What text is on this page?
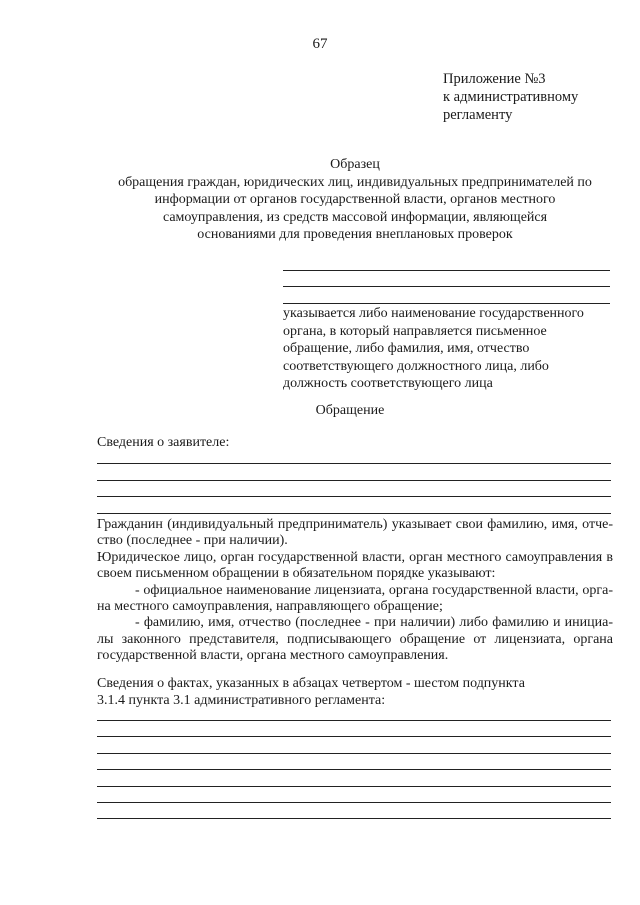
67
Приложение №3
к административному
регламенту
Образец
обращения граждан, юридических лиц, индивидуальных предпринимателей по
информации от органов государственной власти, органов местного
самоуправления, из средств массовой информации, являющейся
основаниями для проведения внеплановых проверок
указывается либо наименование государственного
органа, в который направляется письменное
обращение, либо фамилия, имя, отчество
соответствующего должностного лица, либо
должность соответствующего лица
Обращение
Сведения о заявителе:
Гражданин (индивидуальный предприниматель) указывает свои фамилию, имя, отче-
ство (последнее - при наличии).
Юридическое лицо, орган государственной власти, орган местного самоуправления в
своем письменном обращении в обязательном порядке указывают:
- официальное наименование лицензиата, органа государственной власти, орга-
на местного самоуправления, направляющего обращение;
- фамилию, имя, отчество (последнее - при наличии) либо фамилию и инициа-
лы законного представителя, подписывающего обращение от лицензиата, органа
государственной власти, органа местного самоуправления.
Сведения о фактах, указанных в абзацах четвертом - шестом подпункта
3.1.4 пункта 3.1 административного регламента:
